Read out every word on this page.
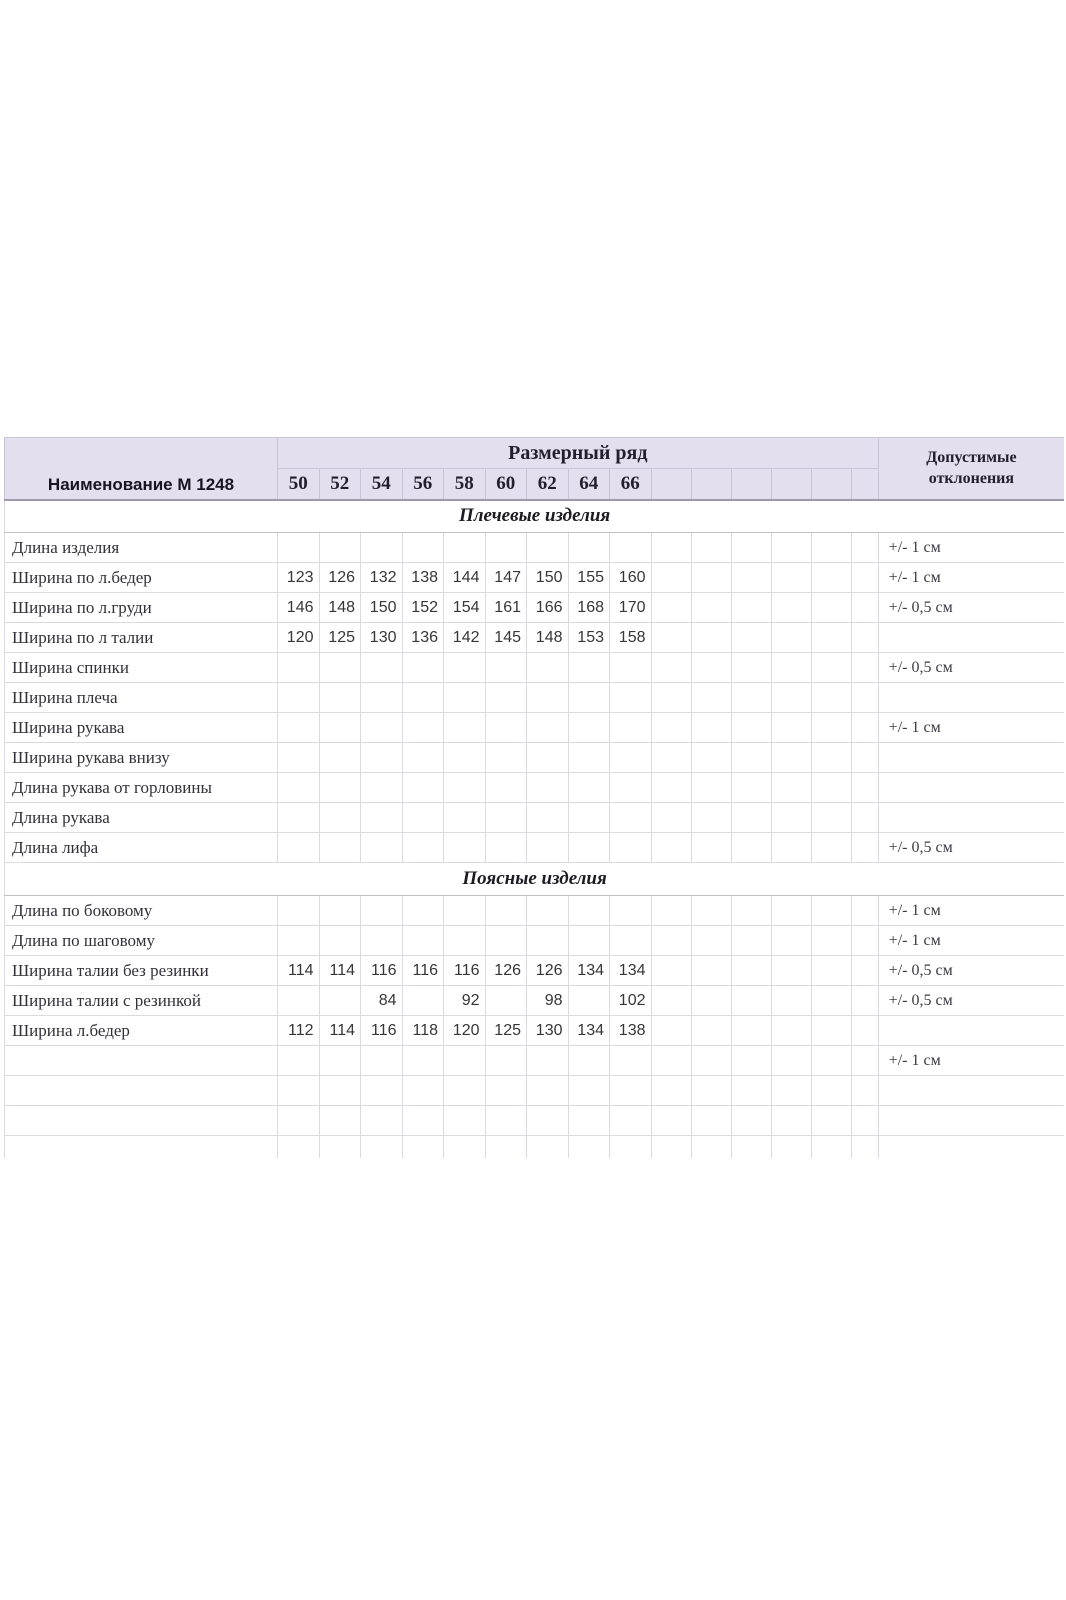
Наименование М 1248	Размерный ряд															Допустимые
отклонения

	50	52	54	56	58	60	62	64	66							
Плечевые изделия																
Длина изделия																+/- 1 см
Ширина по л.бедер	123	126	132	138	144	147	150	155	160							+/- 1 см
Ширина по л.груди	146	148	150	152	154	161	166	168	170							+/- 0,5 см
Ширина по л талии	120	125	130	136	142	145	148	153	158							
Ширина спинки																+/- 0,5 см
Ширина плеча																
Ширина рукава																+/- 1 см
Ширина рукава внизу																
Длина рукава от горловины																
Длина рукава																
Длина лифа																+/- 0,5 см
Поясные изделия																
Длина по боковому																+/- 1 см
Длина по шаговому																+/- 1 см
Ширина талии без резинки	114	114	116	116	116	126	126	134	134							+/- 0,5 см
Ширина талии с резинкой			84		92		98		102							+/- 0,5 см
Ширина л.бедер	112	114	116	118	120	125	130	134	138							
																+/- 1 см
